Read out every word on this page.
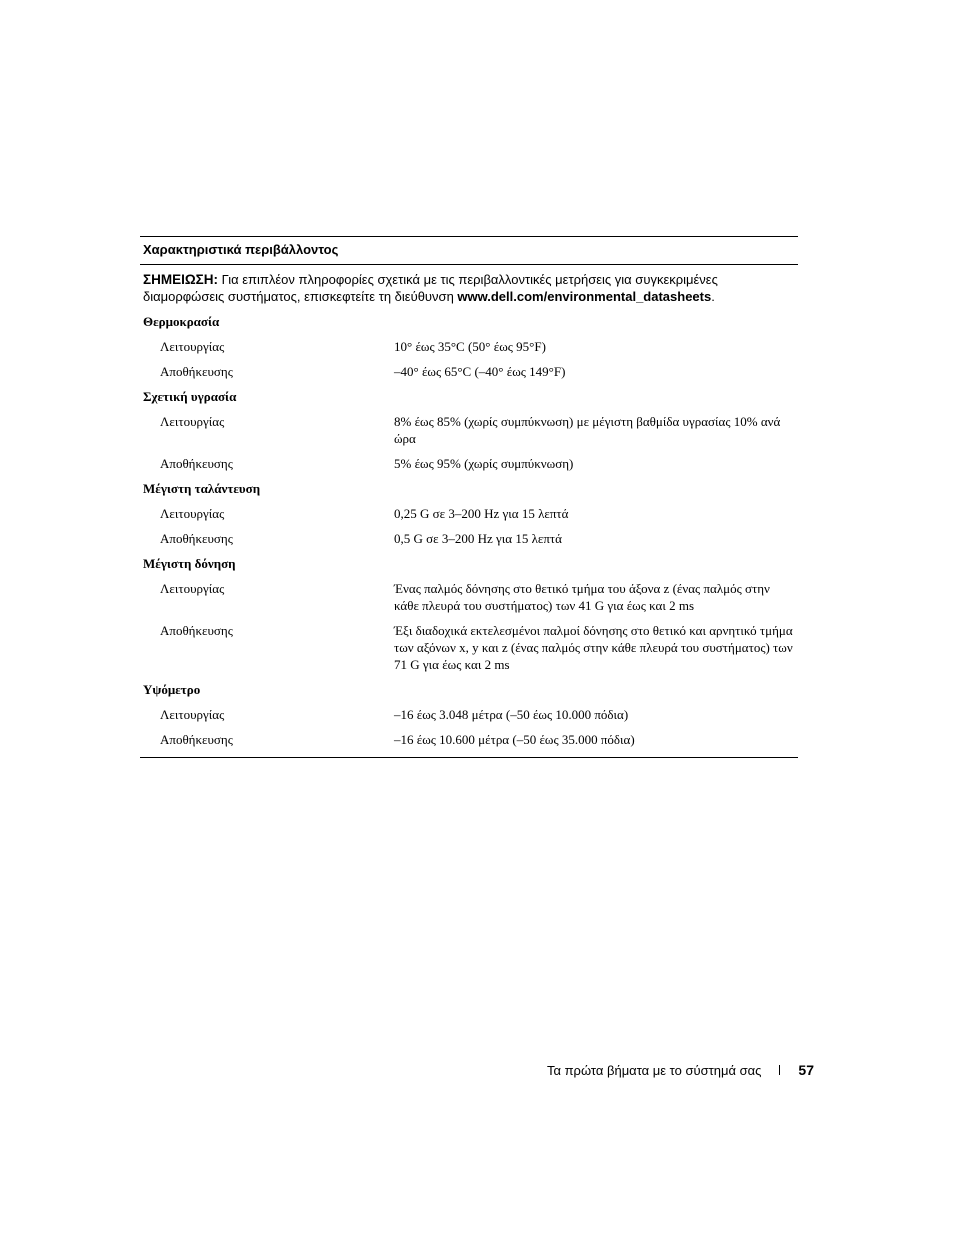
Χαρακτηριστικά περιβάλλοντος
ΣΗΜΕΙΩΣΗ: Για επιπλέον πληροφορίες σχετικά με τις περιβαλλοντικές μετρήσεις για συγκεκριμένες διαμορφώσεις συστήματος, επισκεφτείτε τη διεύθυνση www.dell.com/environmental_datasheets.
Θερμοκρασία
Λειτουργίας	10° έως 35°C (50° έως 95°F)
Αποθήκευσης	–40° έως 65°C (–40° έως 149°F)
Σχετική υγρασία
Λειτουργίας	8% έως 85% (χωρίς συμπύκνωση) με μέγιστη βαθμίδα υγρασίας 10% ανά ώρα
Αποθήκευσης	5% έως 95% (χωρίς συμπύκνωση)
Μέγιστη ταλάντευση
Λειτουργίας	0,25 G σε 3–200 Hz για 15 λεπτά
Αποθήκευσης	0,5 G σε 3–200 Hz για 15 λεπτά
Μέγιστη δόνηση
Λειτουργίας	Ένας παλμός δόνησης στο θετικό τμήμα του άξονα z (ένας παλμός στην κάθε πλευρά του συστήματος) των 41 G για έως και 2 ms
Αποθήκευσης	Έξι διαδοχικά εκτελεσμένοι παλμοί δόνησης στο θετικό και αρνητικό τμήμα των αξόνων x, y και z (ένας παλμός στην κάθε πλευρά του συστήματος) των 71 G για έως και 2 ms
Υψόμετρο
Λειτουργίας	–16 έως 3.048 μέτρα (–50 έως 10.000 πόδια)
Αποθήκευσης	–16 έως 10.600 μέτρα (–50 έως 35.000 πόδια)
Τα πρώτα βήματα με το σύστημά σας	57
